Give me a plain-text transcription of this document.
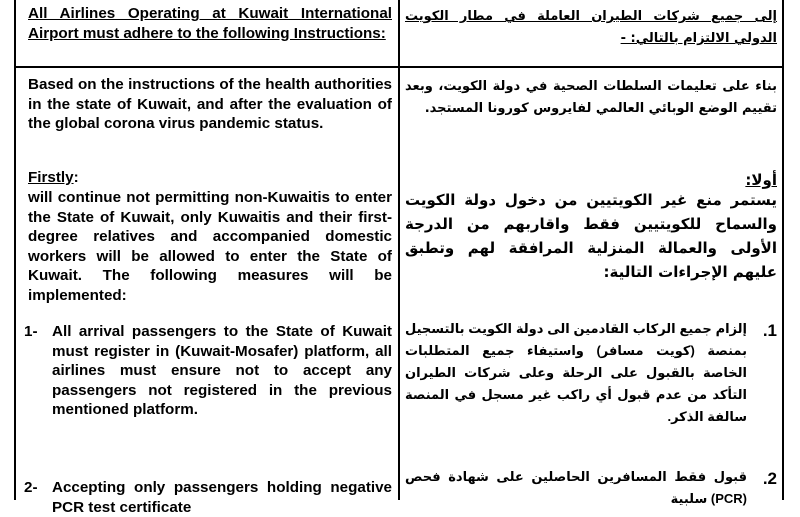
All Airlines Operating at Kuwait International Airport must adhere to the following Instructions:
إلى جميع شركات الطيران العاملة في مطار الكويت الدولي الالتزام بالتالي: -
Based on the instructions of the health authorities in the state of Kuwait, and after the evaluation of the global corona virus pandemic status.
بناء على تعليمات السلطات الصحية في دولة الكويت، وبعد تقييم الوضع الوبائي العالمي لفايروس كورونا المستجد.
Firstly:
will continue not permitting non-Kuwaitis to enter the State of Kuwait, only Kuwaitis and their first-degree relatives and accompanied domestic workers will be allowed to enter the State of Kuwait. The following measures will be implemented:
أولا:
يستمر منع غير الكويتيين من دخول دولة الكويت والسماح للكويتيين فقط واقاربهم من الدرجة الأولى والعمالة المنزلية المرافقة لهم وتطبق عليهم الإجراءات التالية:
1- All arrival passengers to the State of Kuwait must register in (Kuwait-Mosafer) platform, all airlines must ensure not to accept any passengers not registered in the previous mentioned platform.
.1
إلزام جميع الركاب القادمين الى دولة الكويت بالتسجيل بمنصة (كويت مسافر) واستيفاء جميع المتطلبات الخاصة بالقبول على الرحلة وعلى شركات الطيران التأكد من عدم قبول أي راكب غير مسجل في المنصة سالفة الذكر.
2- Accepting only passengers holding negative PCR test certificate
.2
قبول فقط المسافرين الحاصلين على شهادة فحص (PCR) سلبية
